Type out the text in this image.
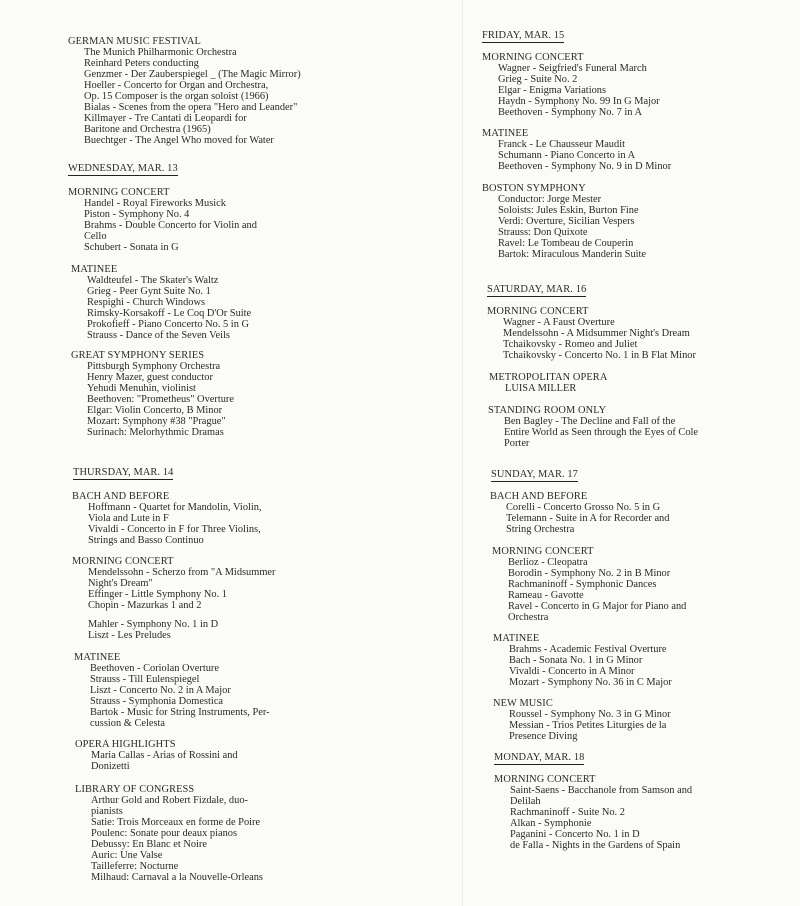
GERMAN MUSIC FESTIVAL
The Munich Philharmonic Orchestra
Reinhard Peters conducting
Genzmer - Der Zauberspiegel _ (The Magic Mirror)
Hoeller - Concerto for Organ and Orchestra,
Op. 15 Composer is the organ soloist (1966)
Bialas - Scenes from the opera "Hero and Leander"
Killmayer - Tre Cantati di Leopardi for
Baritone and Orchestra (1965)
Buechtger - The Angel Who moved for Water
WEDNESDAY, MAR. 13
MORNING CONCERT
Handel - Royal Fireworks Musick
Piston - Symphony No. 4
Brahms - Double Concerto for Violin and
Cello
Schubert - Sonata in G
MATINEE
Waldteufel - The Skater's Waltz
Grieg - Peer Gynt Suite No. 1
Respighi - Church Windows
Rimsky-Korsakoff - Le Coq D'Or Suite
Prokofieff - Piano Concerto No. 5 in G
Strauss - Dance of the Seven Veils
GREAT SYMPHONY SERIES
Pittsburgh Symphony Orchestra
Henry Mazer, guest conductor
Yehudi Menuhin, violinist
Beethoven: "Prometheus" Overture
Elgar: Violin Concerto, B Minor
Mozart: Symphony #38 "Prague"
Surinach: Melorhythmic Dramas
THURSDAY, MAR. 14
BACH AND BEFORE
Hoffmann - Quartet for Mandolin, Violin,
Viola and Lute in F
Vivaldi - Concerto in F for Three Violins,
Strings and Basso Continuo
MORNING CONCERT
Mendelssohn - Scherzo from "A Midsummer
Night's Dream"
Effinger - Little Symphony No. 1
Chopin - Mazurkas 1 and 2
Mahler - Symphony No. 1 in D
Liszt - Les Preludes
MATINEE
Beethoven - Coriolan Overture
Strauss - Till Eulenspiegel
Liszt - Concerto No. 2 in A Major
Strauss - Symphonia Domestica
Bartok - Music for String Instruments, Per-
cussion & Celesta
OPERA HIGHLIGHTS
Maria Callas - Arias of Rossini and
Donizetti
LIBRARY OF CONGRESS
Arthur Gold and Robert Fizdale, duo-
pianists
Satie: Trois Morceaux en forme de Poire
Poulenc: Sonate pour deaux pianos
Debussy: En Blanc et Noire
Auric: Une Valse
Tailleferre: Nocturne
Milhaud: Carnaval a la Nouvelle-Orleans
FRIDAY, MAR. 15
MORNING CONCERT
Wagner - Seigfried's Funeral March
Grieg - Suite No. 2
Elgar - Enigma Variations
Haydn - Symphony No. 99 In G Major
Beethoven - Symphony No. 7 in A
MATINEE
Franck - Le Chausseur Maudit
Schumann - Piano Concerto in A
Beethoven - Symphony No. 9 in D Minor
BOSTON SYMPHONY
Conductor: Jorge Mester
Soloists: Jules Eskin, Burton Fine
Verdi: Overture, Sicilian Vespers
Strauss: Don Quixote
Ravel: Le Tombeau de Couperin
Bartok: Miraculous Manderin Suite
SATURDAY, MAR. 16
MORNING CONCERT
Wagner - A Faust Overture
Mendelssohn - A Midsummer Night's Dream
Tchaikovsky - Romeo and Juliet
Tchaikovsky - Concerto No. 1 in B Flat Minor
METROPOLITAN OPERA
LUISA MILLER
STANDING ROOM ONLY
Ben Bagley - The Decline and Fall of the
Entire World as Seen through the Eyes of Cole
Porter
SUNDAY, MAR. 17
BACH AND BEFORE
Corelli - Concerto Grosso No. 5 in G
Telemann - Suite in A for Recorder and
String Orchestra
MORNING CONCERT
Berlioz - Cleopatra
Borodin - Symphony No. 2 in B Minor
Rachmaninoff - Symphonic Dances
Rameau - Gavotte
Ravel - Concerto in G Major for Piano and
Orchestra
MATINEE
Brahms - Academic Festival Overture
Bach - Sonata No. 1 in G Minor
Vivaldi - Concerto in A Minor
Mozart - Symphony No. 36 in C Major
NEW MUSIC
Roussel - Symphony No. 3 in G Minor
Messian - Trios Petites Liturgies de la
Presence Diving
MONDAY, MAR. 18
MORNING CONCERT
Saint-Saens - Bacchanole from Samson and
Delilah
Rachmaninoff - Suite No. 2
Alkan - Symphonie
Paganini - Concerto No. 1 in D
de Falla - Nights in the Gardens of Spain
